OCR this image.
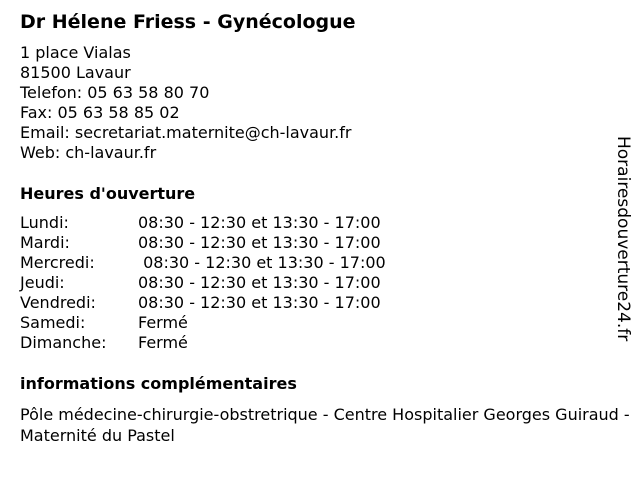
Dr Hélene Friess - Gynécologue
1 place Vialas
81500 Lavaur
Telefon: 05 63 58 80 70
Fax: 05 63 58 85 02
Email: secretariat.maternite@ch-lavaur.fr
Web: ch-lavaur.fr
Heures d'ouverture
Lundi:	08:30 - 12:30 et 13:30 - 17:00
Mardi:	08:30 - 12:30 et 13:30 - 17:00
Mercredi:	08:30 - 12:30 et 13:30 - 17:00
Jeudi:	08:30 - 12:30 et 13:30 - 17:00
Vendredi:	08:30 - 12:30 et 13:30 - 17:00
Samedi:	Fermé
Dimanche: Fermé
informations complémentaires
Pôle médecine-chirurgie-obstretrique - Centre Hospitalier Georges Guiraud - Maternité du Pastel
Horairesdouverture24.fr
